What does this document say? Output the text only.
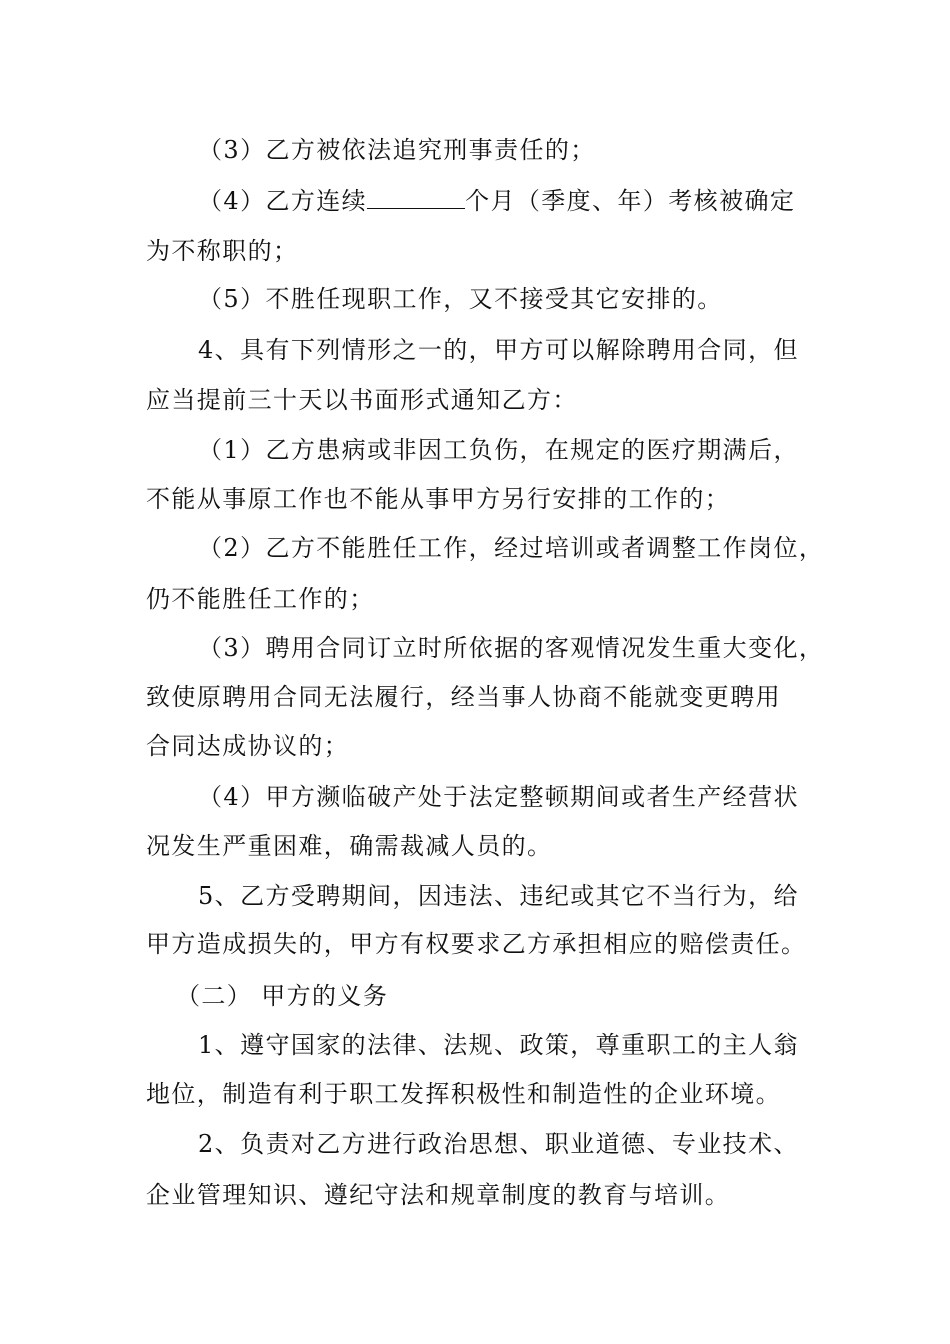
（3）乙方被依法追究刑事责任的；
（4）乙方连续	个月（季度、年）考核被确定
为不称职的；
（5）不胜任现职工作，又不接受其它安排的。
4、具有下列情形之一的，甲方可以解除聘用合同，但
应当提前三十天以书面形式通知乙方：
（1）乙方患病或非因工负伤，在规定的医疗期满后，
不能从事原工作也不能从事甲方另行安排的工作的；
（2）乙方不能胜任工作，经过培训或者调整工作岗位，
仍不能胜任工作的；
（3）聘用合同订立时所依据的客观情况发生重大变化，
致使原聘用合同无法履行，经当事人协商不能就变更聘用
合同达成协议的；
（4）甲方濒临破产处于法定整顿期间或者生产经营状
况发生严重困难，确需裁减人员的。
5、乙方受聘期间，因违法、违纪或其它不当行为，给
甲方造成损失的，甲方有权要求乙方承担相应的赔偿责任。
（二） 甲方的义务
1、遵守国家的法律、法规、政策，尊重职工的主人翁
地位，制造有利于职工发挥积极性和制造性的企业环境。
2、负责对乙方进行政治思想、职业道德、专业技术、
企业管理知识、遵纪守法和规章制度的教育与培训。
